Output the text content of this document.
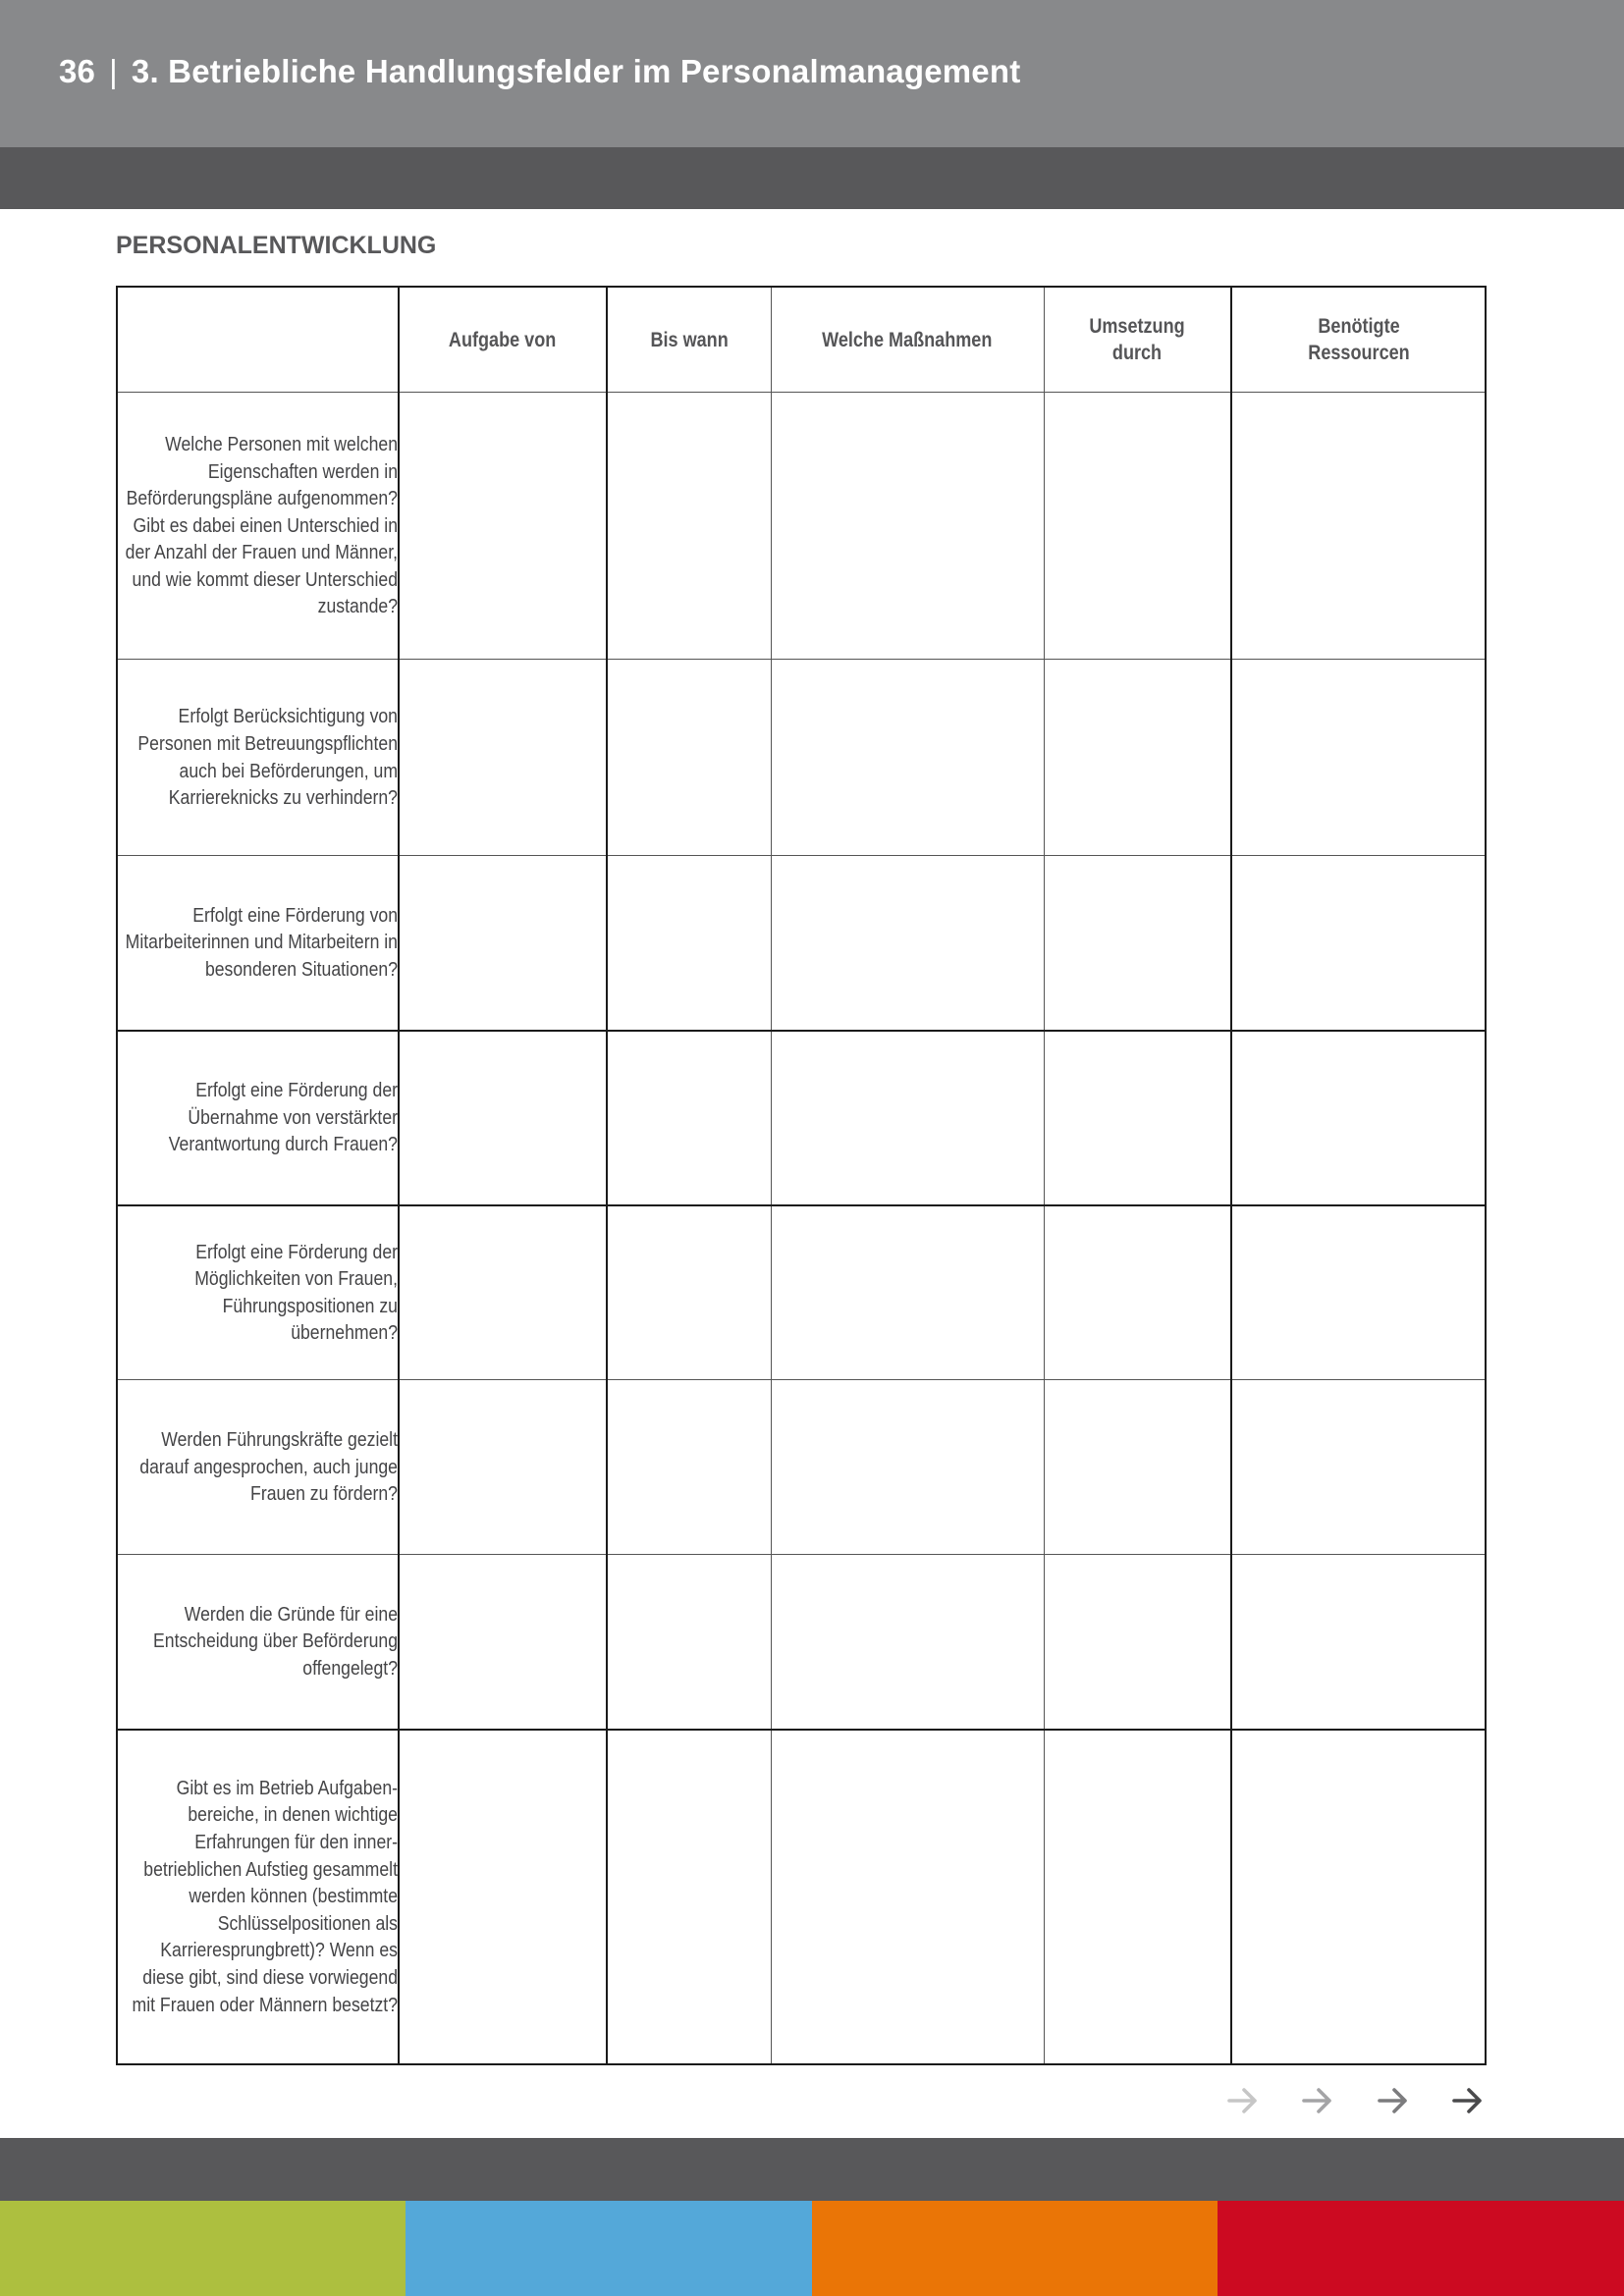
36 | 3. Betriebliche Handlungsfelder im Personalmanagement
PERSONALENTWICKLUNG
	Aufgabe von	Bis wann	Welche Maßnahmen	Umsetzung durch	Benötigte Ressourcen

Welche Personen mit welchen Eigenschaften werden in Beförderungspläne aufgenommen? Gibt es dabei einen Unterschied in der Anzahl der Frauen und Männer, und wie kommt dieser Unterschied zustande?					

Erfolgt Berücksichtigung von Personen mit Betreuungspflichten auch bei Beförderungen, um Karriereknicks zu verhindern?					

Erfolgt eine Förderung von Mitarbeiterinnen und Mitarbeitern in besonderen Situationen?					

Erfolgt eine Förderung der Übernahme von verstärkter Verantwortung durch Frauen?					

Erfolgt eine Förderung der Möglichkeiten von Frauen, Führungspositionen zu übernehmen?					

Werden Führungskräfte gezielt darauf angesprochen, auch junge Frauen zu fördern?					

Werden die Gründe für eine Entscheidung über Beförderung offengelegt?					

Gibt es im Betrieb Aufgabenbereiche, in denen wichtige Erfahrungen für den innerbetrieblichen Aufstieg gesammelt werden können (bestimmte Schlüsselpositionen als Karrieresprungbrett)? Wenn es diese gibt, sind diese vorwiegend mit Frauen oder Männern besetzt?					
